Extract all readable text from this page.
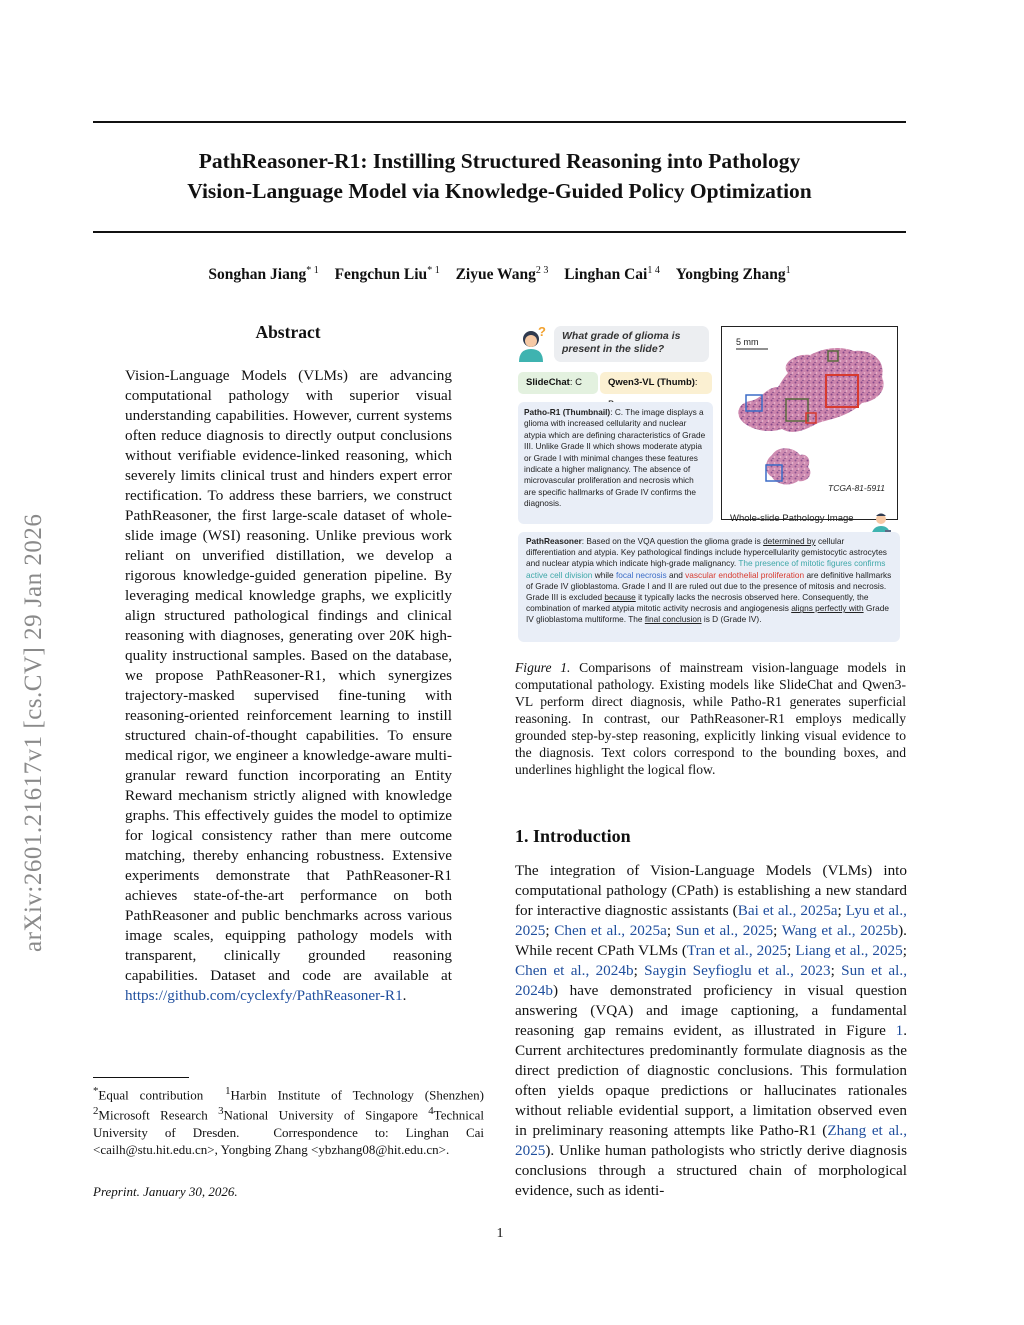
arXiv:2601.21617v1 [cs.CV] 29 Jan 2026
PathReasoner-R1: Instilling Structured Reasoning into Pathology
Vision-Language Model via Knowledge-Guided Policy Optimization
Songhan Jiang$^{* 1}$ Fengchun Liu$^{* 1}$ Ziyue Wang$^{2 3}$ Linghan Cai$^{1 4}$ Yongbing Zhang$^1$
Abstract
Vision-Language Models (VLMs) are advancing computational pathology with superior visual understanding capabilities. However, current systems often reduce diagnosis to directly output conclusions without verifiable evidence-linked reasoning, which severely limits clinical trust and hinders expert error rectification. To address these barriers, we construct PathReasoner, the first large-scale dataset of whole-slide image (WSI) reasoning. Unlike previous work reliant on unverified distillation, we develop a rigorous knowledge-guided generation pipeline. By leveraging medical knowledge graphs, we explicitly align structured pathological findings and clinical reasoning with diagnoses, generating over 20K high-quality instructional samples. Based on the database, we propose PathReasoner-R1, which synergizes trajectory-masked supervised fine-tuning with reasoning-oriented reinforcement learning to instill structured chain-of-thought capabilities. To ensure medical rigor, we engineer a knowledge-aware multi-granular reward function incorporating an Entity Reward mechanism strictly aligned with knowledge graphs. This effectively guides the model to optimize for logical consistency rather than mere outcome matching, thereby enhancing robustness. Extensive experiments demonstrate that PathReasoner-R1 achieves state-of-the-art performance on both PathReasoner and public benchmarks across various image scales, equipping pathology models with transparent, clinically grounded reasoning capabilities. Dataset and code are available at https://github.com/cyclexfy/PathReasoner-R1.
*Equal contribution $^1$Harbin Institute of Technology (Shenzhen) $^2$Microsoft Research $^3$National University of Singapore $^4$Technical University of Dresden.	Correspondence to: Linghan Cai <cailh@stu.hit.edu.cn>, Yongbing Zhang <ybzhang08@hit.edu.cn>.
Preprint. January 30, 2026.
?	What grade of glioma is present in the slide?
SlideChat: C	Qwen3-VL (Thumb):
Patho-R1 (Thumbnail): C. The image displays a glioma with increased cellularity and nuclear atypia which are defining characteristics of Grade III. Unlike Grade II which shows moderate atypia or Grade I with minimal changes these features indicate a higher malignancy. The absence of microvascular proliferation and necrosis which are specific hallmarks of Grade IV confirms the diagnosis.
5 mm
TCGA-81-5911
Whole-slide Pathology Image
PathReasoner: Based on the VQA question the glioma grade is determined by cellular differentiation and atypia. Key pathological findings include hypercellularity gemistocytic astrocytes and nuclear atypia which indicate high-grade malignancy. The presence of mitotic figures confirms active cell division while focal necrosis and vascular endothelial proliferation are definitive hallmarks of Grade IV glioblastoma. Grade I and II are ruled out due to the presence of mitosis and necrosis. Grade III is excluded because it typically lacks the necrosis observed here. Consequently, the combination of marked atypia mitotic activity necrosis and angiogenesis aligns perfectly with Grade IV glioblastoma multiforme. The final conclusion is D (Grade IV).
Figure 1. Comparisons of mainstream vision-language models in computational pathology. Existing models like SlideChat and Qwen3-VL perform direct diagnosis, while Patho-R1 generates superficial reasoning. In contrast, our PathReasoner-R1 employs medically grounded step-by-step reasoning, explicitly linking visual evidence to the diagnosis. Text colors correspond to the bounding boxes, and underlines highlight the logical flow.
1. Introduction
The integration of Vision-Language Models (VLMs) into computational pathology (CPath) is establishing a new standard for interactive diagnostic assistants (Bai et al., 2025a; Lyu et al., 2025; Chen et al., 2025a; Sun et al., 2025; Wang et al., 2025b). While recent CPath VLMs (Tran et al., 2025; Liang et al., 2025; Chen et al., 2024b; Saygin Seyfioglu et al., 2023; Sun et al., 2024b) have demonstrated proficiency in visual question answering (VQA) and image captioning, a fundamental reasoning gap remains evident, as illustrated in Figure 1. Current architectures predominantly formulate diagnosis as the direct prediction of diagnostic conclusions. This formulation often yields opaque predictions or hallucinates rationales without reliable evidential support, a limitation observed even in preliminary reasoning attempts like Patho-R1 (Zhang et al., 2025). Unlike human pathologists who strictly derive diagnosis conclusions through a structured chain of morphological evidence, such as identi-
1
